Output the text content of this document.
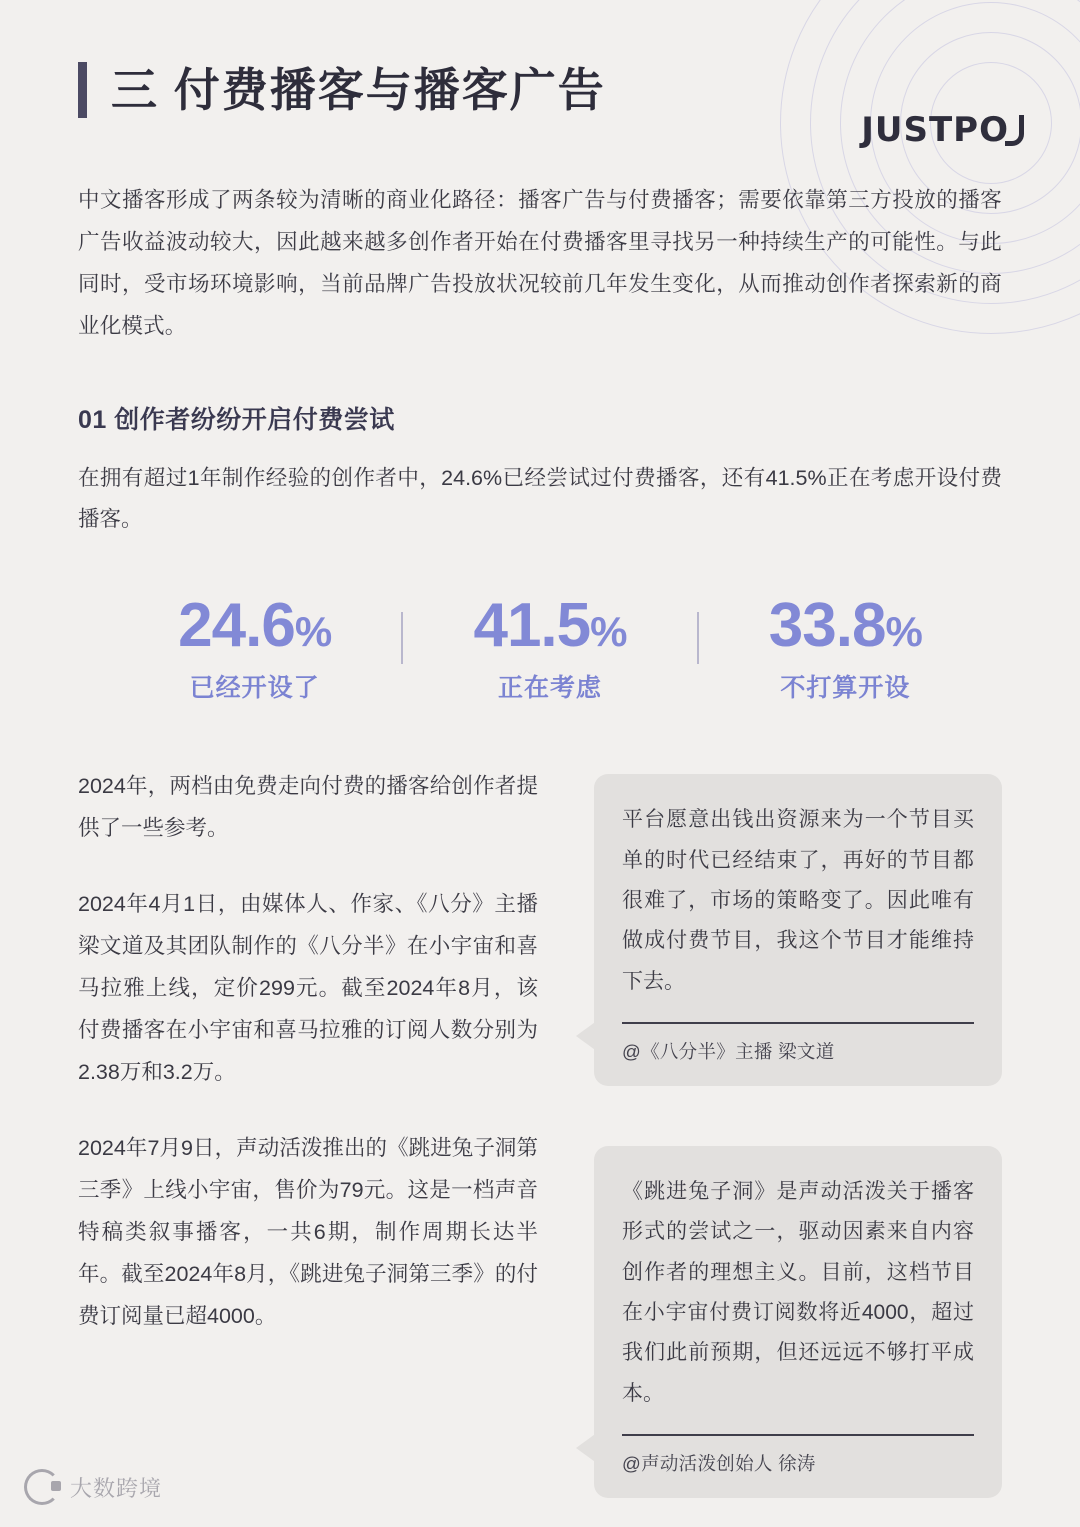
JUSTPO
三 付费播客与播客广告
中文播客形成了两条较为清晰的商业化路径：播客广告与付费播客；需要依靠第三方投放的播客广告收益波动较大，因此越来越多创作者开始在付费播客里寻找另一种持续生产的可能性。与此同时，受市场环境影响，当前品牌广告投放状况较前几年发生变化，从而推动创作者探索新的商业化模式。
01 创作者纷纷开启付费尝试
在拥有超过1年制作经验的创作者中，24.6%已经尝试过付费播客，还有41.5%正在考虑开设付费播客。
24.6%
已经开设了
41.5%
正在考虑
33.8%
不打算开设

2024年，两档由免费走向付费的播客给创作者提供了一些参考。

2024年4月1日，由媒体人、作家、《八分》主播梁文道及其团队制作的《八分半》在小宇宙和喜马拉雅上线，定价299元。截至2024年8月，该付费播客在小宇宙和喜马拉雅的订阅人数分别为2.38万和3.2万。

2024年7月9日，声动活泼推出的《跳进兔子洞第三季》上线小宇宙，售价为79元。这是一档声音特稿类叙事播客，一共6期，制作周期长达半年。截至2024年8月，《跳进兔子洞第三季》的付费订阅量已超4000。

平台愿意出钱出资源来为一个节目买单的时代已经结束了，再好的节目都很难了，市场的策略变了。因此唯有做成付费节目，我这个节目才能维持下去。
@《八分半》主播 梁文道
《跳进兔子洞》是声动活泼关于播客形式的尝试之一，驱动因素来自内容创作者的理想主义。目前，这档节目在小宇宙付费订阅数将近4000，超过我们此前预期，但还远远不够打平成本。
@声动活泼创始人 徐涛
大数跨境
